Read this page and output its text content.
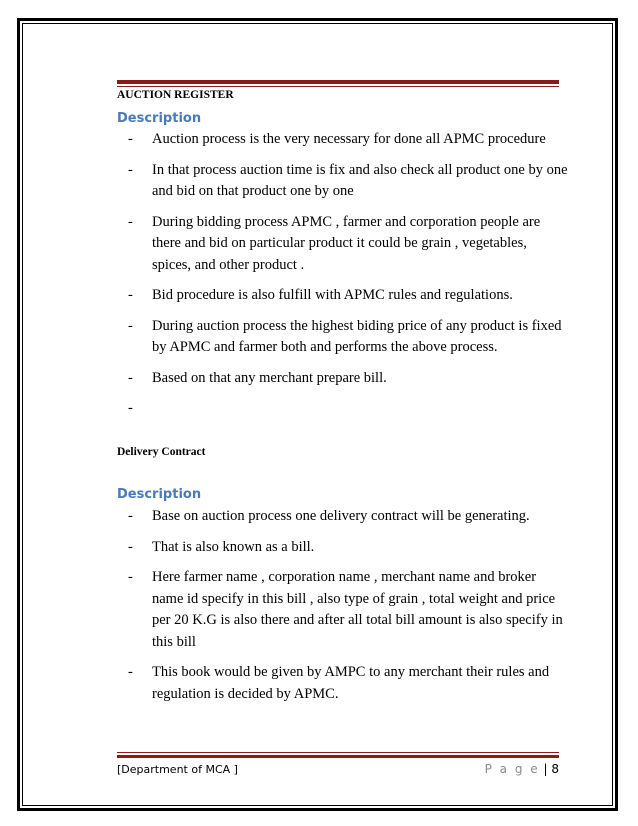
AUCTION REGISTER
Description
- Auction process is the very necessary for done all APMC procedure
- In that process auction time is fix and also check all product one by one and bid on that product one by one
- During bidding process APMC , farmer and corporation people are there and bid on particular product it could be grain , vegetables, spices, and other product .
- Bid procedure is also fulfill with APMC rules and regulations.
- During auction process the highest biding price of any product is fixed by APMC and farmer both and performs the above process.
- Based on that any merchant prepare bill.
-
Delivery Contract
Description
- Base on auction process one delivery contract will be generating.
- That is also known as a bill.
- Here farmer name , corporation name , merchant name and broker name id specify in this bill , also type of grain , total weight and price per 20 K.G is also there and after all total bill amount is also specify in this bill
- This book would be given by AMPC to any merchant their rules and regulation is decided by APMC.
[Department of MCA ]	P a g e | 8
